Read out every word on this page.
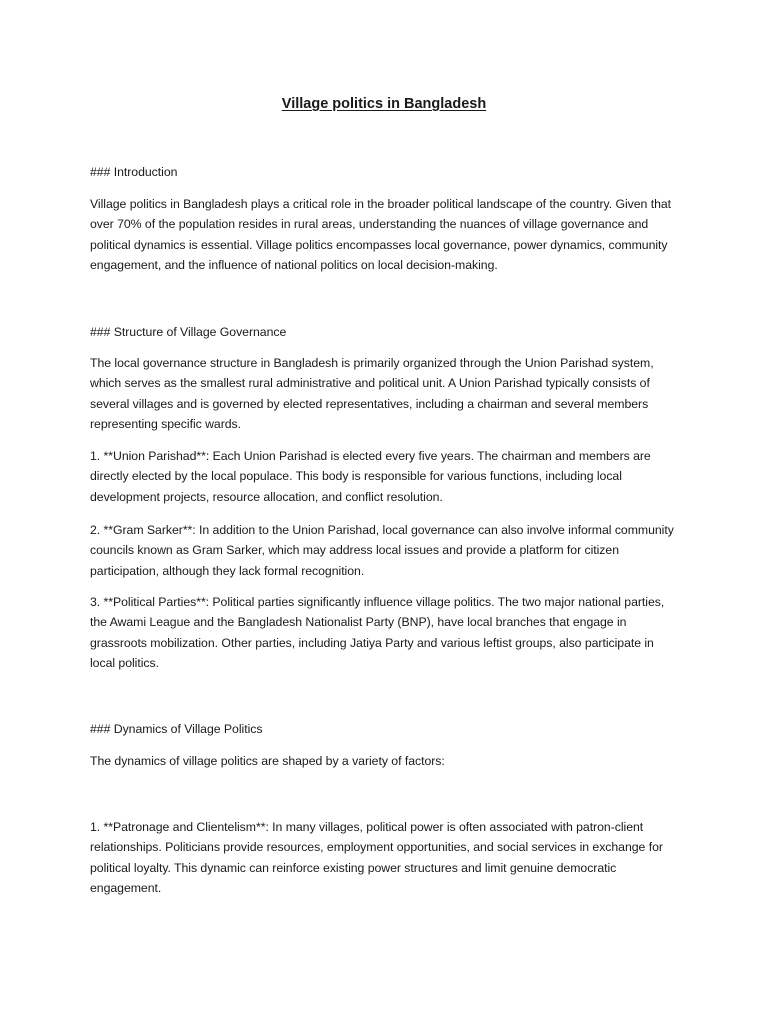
Village politics in Bangladesh

### Introduction

Village politics in Bangladesh plays a critical role in the broader political landscape of the country. Given that over 70% of the population resides in rural areas, understanding the nuances of village governance and political dynamics is essential. Village politics encompasses local governance, power dynamics, community engagement, and the influence of national politics on local decision-making.

### Structure of Village Governance

The local governance structure in Bangladesh is primarily organized through the Union Parishad system, which serves as the smallest rural administrative and political unit. A Union Parishad typically consists of several villages and is governed by elected representatives, including a chairman and several members representing specific wards.

1. **Union Parishad**: Each Union Parishad is elected every five years. The chairman and members are directly elected by the local populace. This body is responsible for various functions, including local development projects, resource allocation, and conflict resolution.

2. **Gram Sarker**: In addition to the Union Parishad, local governance can also involve informal community councils known as Gram Sarker, which may address local issues and provide a platform for citizen participation, although they lack formal recognition.

3. **Political Parties**: Political parties significantly influence village politics. The two major national parties, the Awami League and the Bangladesh Nationalist Party (BNP), have local branches that engage in grassroots mobilization. Other parties, including Jatiya Party and various leftist groups, also participate in local politics.

### Dynamics of Village Politics

The dynamics of village politics are shaped by a variety of factors:

1. **Patronage and Clientelism**: In many villages, political power is often associated with patron-client relationships. Politicians provide resources, employment opportunities, and social services in exchange for political loyalty. This dynamic can reinforce existing power structures and limit genuine democratic engagement.
